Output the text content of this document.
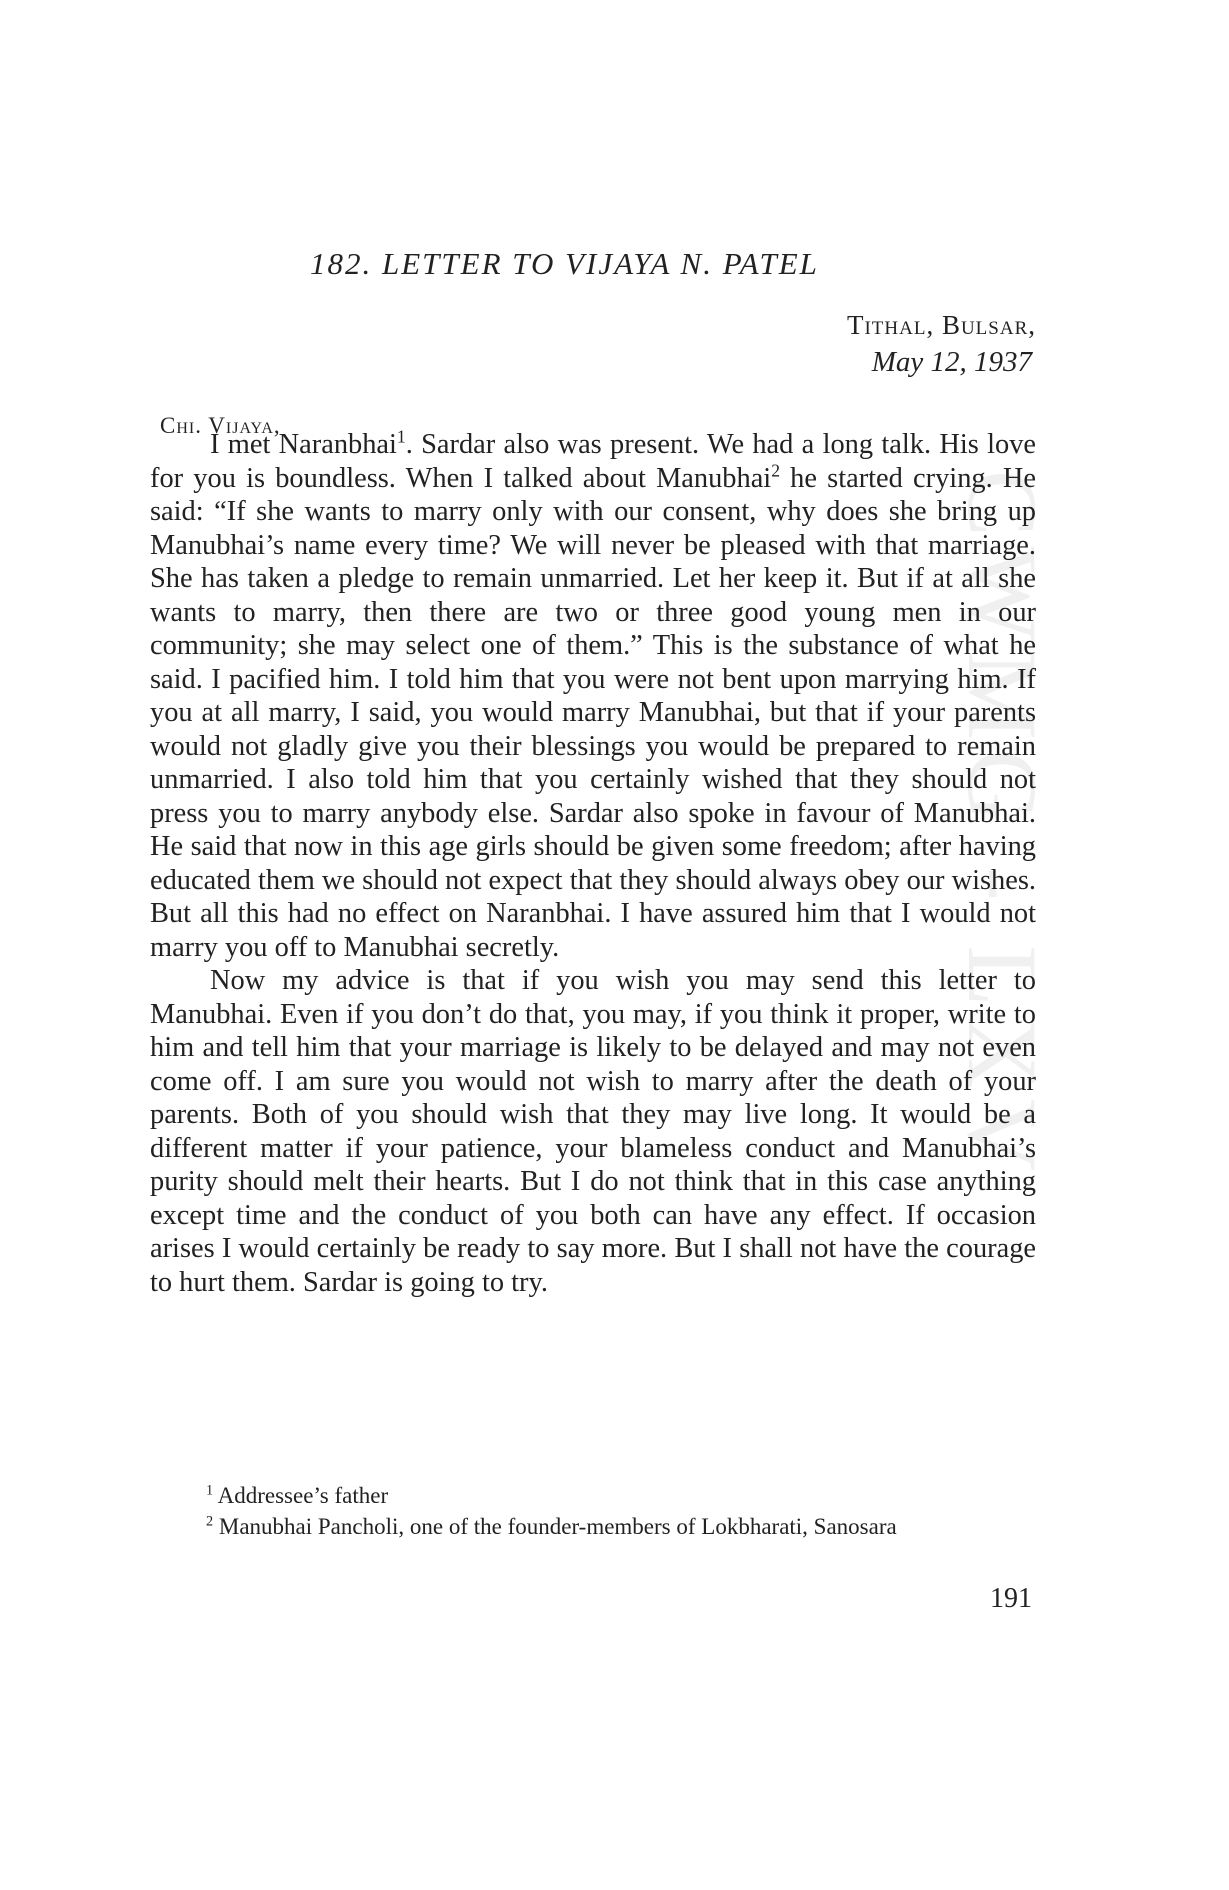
CWMG - LXV
182. LETTER TO VIJAYA N. PATEL
Tithal, Bulsar,
May 12, 1937
Chi. Vijaya,

I met Naranbhai$^1$. Sardar also was present. We had a long talk. His love for you is boundless. When I talked about Manubhai$^2$ he started crying. He said: “If she wants to marry only with our consent, why does she bring up Manubhai’s name every time? We will never be pleased with that marriage. She has taken a pledge to remain unmarried. Let her keep it. But if at all she wants to marry, then there are two or three good young men in our community; she may select one of them.” This is the substance of what he said. I pacified him. I told him that you were not bent upon marrying him. If you at all marry, I said, you would marry Manubhai, but that if your parents would not gladly give you their blessings you would be prepared to remain unmarried. I also told him that you certainly wished that they should not press you to marry anybody else. Sardar also spoke in favour of Manubhai. He said that now in this age girls should be given some freedom; after having educated them we should not expect that they should always obey our wishes. But all this had no effect on Naranbhai. I have assured him that I would not marry you off to Manubhai secretly.

Now my advice is that if you wish you may send this letter to Manubhai. Even if you don’t do that, you may, if you think it proper, write to him and tell him that your marriage is likely to be delayed and may not even come off. I am sure you would not wish to marry after the death of your parents. Both of you should wish that they may live long. It would be a different matter if your patience, your blameless conduct and Manubhai’s purity should melt their hearts. But I do not think that in this case anything except time and the conduct of you both can have any effect. If occasion arises I would certainly be ready to say more. But I shall not have the courage to hurt them. Sardar is going to try.

$^1$ Addressee’s father

$^2$ Manubhai Pancholi, one of the founder-members of Lokbharati, Sanosara

191
